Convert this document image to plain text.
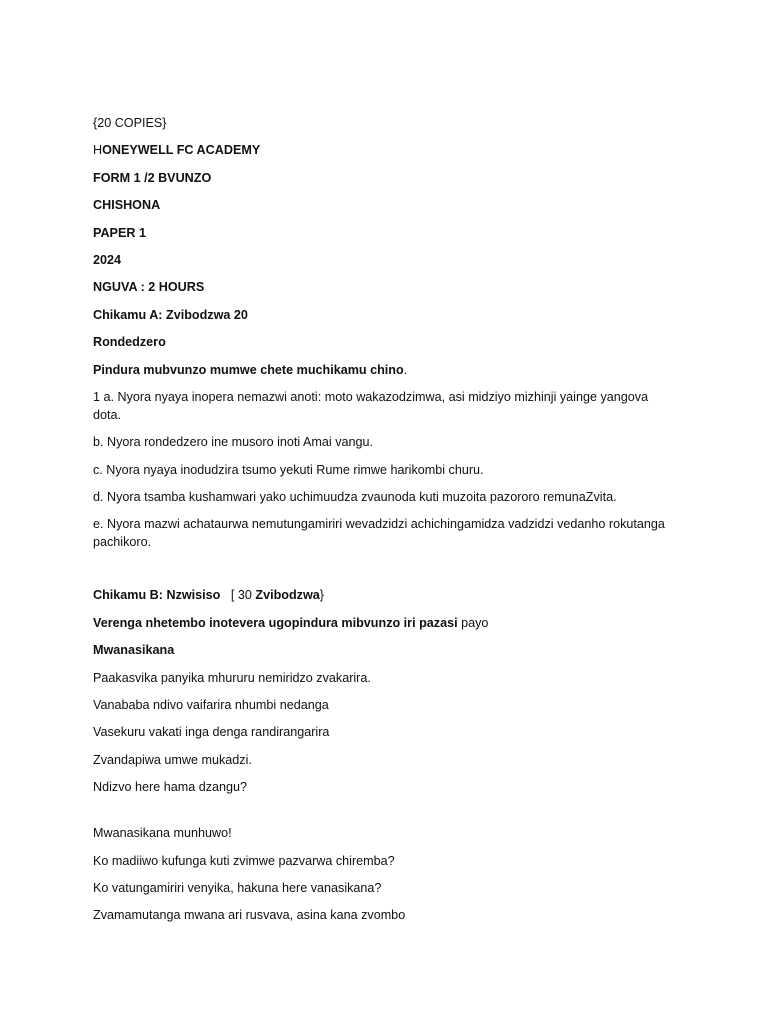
{20 COPIES}
HONEYWELL FC ACADEMY
FORM 1 /2 BVUNZO
CHISHONA
PAPER 1
2024
NGUVA : 2 HOURS
Chikamu A: Zvibodzwa 20
Rondedzero
Pindura mubvunzo mumwe chete muchikamu chino.
1 a. Nyora nyaya inopera nemazwi anoti: moto wakazodzimwa, asi midziyo mizhinji yainge yangova dota.
b. Nyora rondedzero ine musoro inoti Amai vangu.
c. Nyora nyaya inodudzira tsumo yekuti Rume rimwe harikombi churu.
d. Nyora tsamba kushamwari yako uchimuudza zvaunoda kuti muzoita pazororo remunaZvita.
e. Nyora mazwi achataurwa nemutungamiriri wevadzidzi achichingamidza vadzidzi vedanho rokutanga pachikoro.
Chikamu B: Nzwisiso   [ 30 Zvibodzwa}
Verenga nhetembo inotevera ugopindura mibvunzo iri pazasi payo
Mwanasikana
Paakasvika panyika mhururu nemiridzo zvakarira.
Vanababa ndivo vaifarira nhumbi nedanga
Vasekuru vakati inga denga randirangarira
Zvandapiwa umwe mukadzi.
Ndizvo here hama dzangu?
Mwanasikana munhuwo!
Ko madiiwo kufunga kuti zvimwe pazvarwa chiremba?
Ko vatungamiriri venyika, hakuna here vanasikana?
Zvamamutanga mwana ari rusvava, asina kana zvombo
